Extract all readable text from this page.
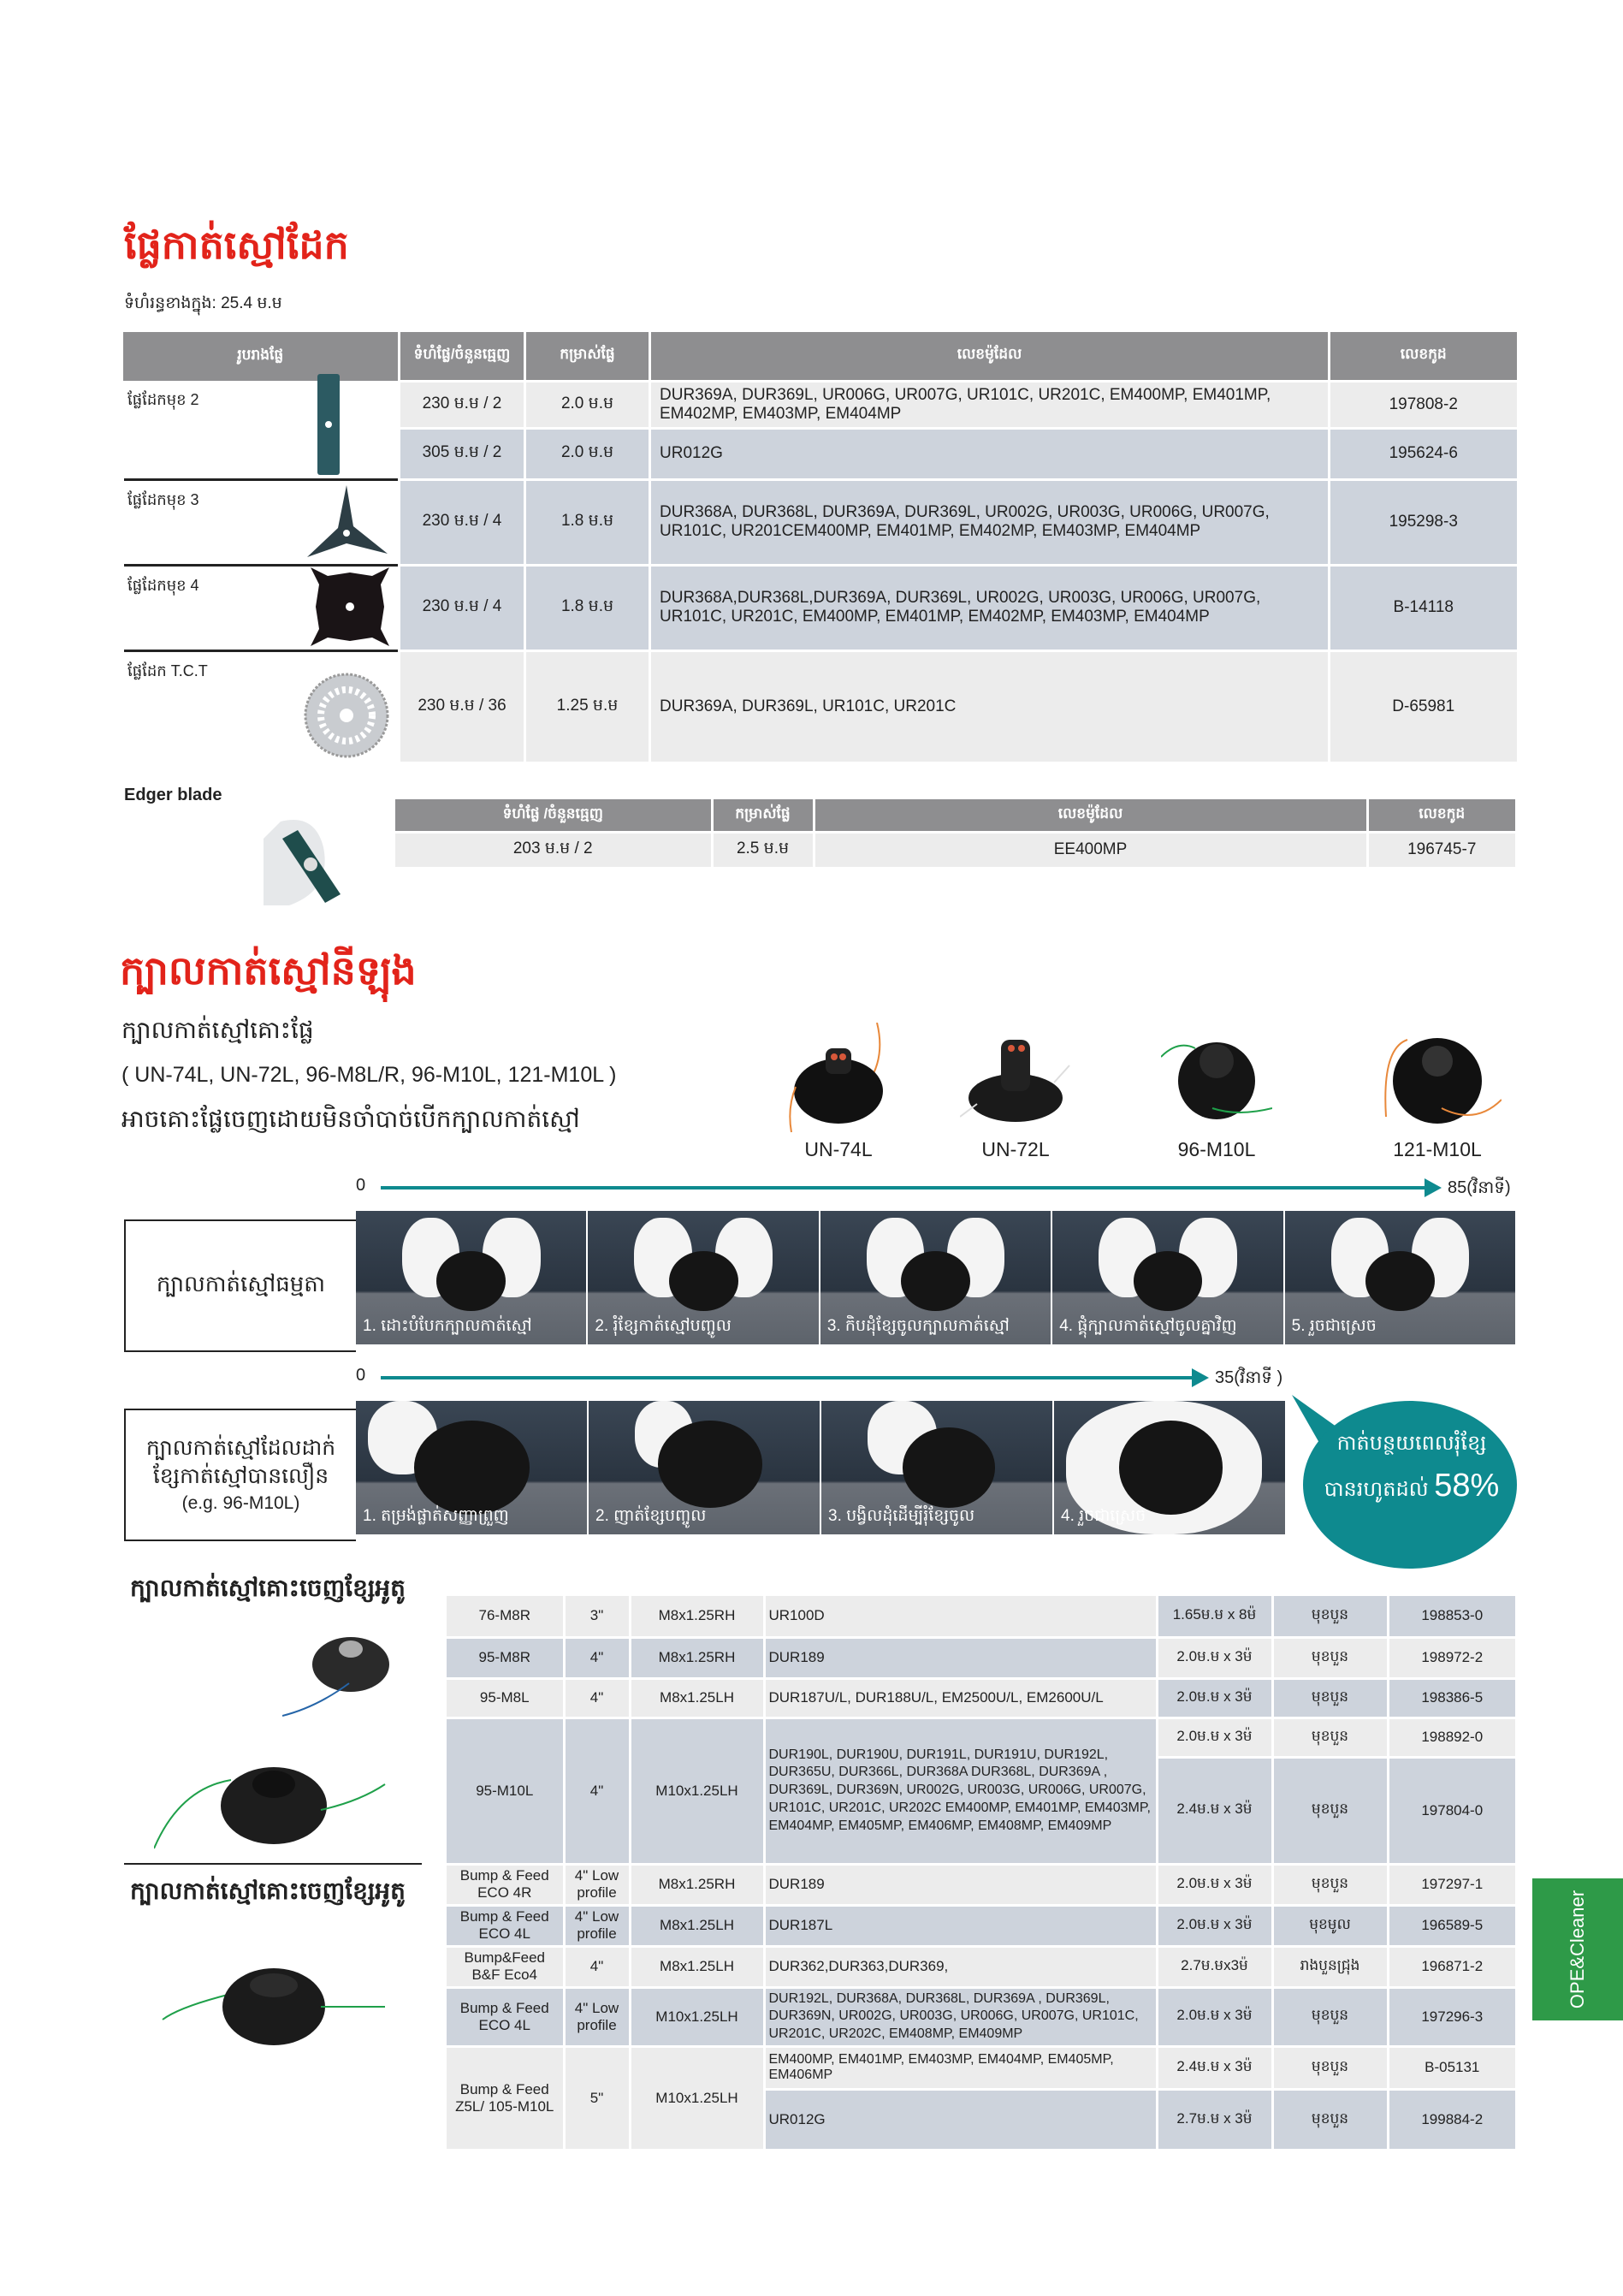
ផ្លែកាត់ស្មៅដែក
ទំហំរន្ធខាងក្នុង: 25.4 ម.ម
រូបរាងផ្លែ	ទំហំផ្លែ/ចំនួនធ្មេញ	កម្រាស់ផ្លែ	លេខម៉ូដែល	លេខកូដ
ផ្លែដែកមុខ 2	230 ម.ម / 2	2.0 ម.ម	DUR369A, DUR369L, UR006G, UR007G, UR101C, UR201C, EM400MP, EM401MP, EM402MP, EM403MP, EM404MP	197808-2
	305 ម.ម / 2	2.0 ម.ម	UR012G	195624-6
ផ្លែដែកមុខ 3	230 ម.ម / 4	1.8 ម.ម	DUR368A, DUR368L, DUR369A, DUR369L, UR002G, UR003G, UR006G, UR007G, UR101C, UR201CEM400MP, EM401MP, EM402MP, EM403MP, EM404MP	195298-3
ផ្លែដែកមុខ 4	230 ម.ម / 4	1.8 ម.ម	DUR368A,DUR368L,DUR369A, DUR369L, UR002G, UR003G, UR006G, UR007G, UR101C, UR201C, EM400MP, EM401MP, EM402MP, EM403MP, EM404MP	B-14118
ផ្លែដែក T.C.T	230 ម.ម / 36	1.25 ម.ម	DUR369A, DUR369L, UR101C, UR201C	D-65981
Edger blade
ទំហំផ្លែ /ចំនួនធ្មេញ	កម្រាស់ផ្លែ	លេខម៉ូដែល	លេខកូដ
203 ម.ម / 2	2.5 ម.ម	EE400MP	196745-7
ក្បាលកាត់ស្មៅនីឡុង
ក្បាលកាត់ស្មៅគោះផ្លែ
( UN-74L, UN-72L, 96-M8L/R, 96-M10L, 121-M10L )
អាចគោះផ្លែចេញដោយមិនចាំបាច់បើកក្បាលកាត់ស្មៅ
UN-74L	UN-72L	96-M10L	121-M10L
0	85(វិនាទី)
ក្បាលកាត់ស្មៅធម្មតា
1. ដោះបំបែកក្បាលកាត់ស្មៅ	2. រុំខ្សែកាត់ស្មៅបញ្ចូល	3. កិបដុំខ្សែចូលក្បាលកាត់ស្មៅ	4. ផ្គុំក្បាលកាត់ស្មៅចូលគ្នាវិញ	5. រួចជាស្រេច
0	35(វិនាទី )
ក្បាលកាត់ស្មៅដែលដាក់
ខ្សែកាត់ស្មៅបានលឿន
(e.g. 96-M10L)
1. តម្រង់ផ្លាត់សញ្ញាព្រួញ	2. ញាត់ខ្សែបញ្ចូល	3. បង្វិលដុំដើម្បីរុំខ្សែចូល	4. រួចជាស្រេច
កាត់បន្ថយពេលរុំខ្សែ
បានរហូតដល់ 58%
ក្បាលកាត់ស្មៅគោះចេញខ្សែអូតូ
ក្បាលកាត់ស្មៅគោះចេញខ្សែអូតូ
76-M8R	3"	M8x1.25RH	UR100D	1.65ម.ម x 8ម៉	មុខបួន	198853-0
95-M8R	4"	M8x1.25RH	DUR189	2.0ម.ម x 3ម៉	មុខបួន	198972-2
95-M8L	4"	M8x1.25LH	DUR187U/L, DUR188U/L, EM2500U/L, EM2600U/L	2.0ម.ម x 3ម៉	មុខបួន	198386-5
95-M10L	4"	M10x1.25LH	DUR190L, DUR190U, DUR191L, DUR191U, DUR192L, DUR365U, DUR366L, DUR368A DUR368L, DUR369A , DUR369L, DUR369N, UR002G, UR003G, UR006G, UR007G, UR101C, UR201C, UR202C EM400MP, EM401MP, EM403MP, EM404MP, EM405MP, EM406MP, EM408MP, EM409MP	2.0ម.ម x 3ម៉	មុខបួន	198892-0
				2.4ម.ម x 3ម៉	មុខបួន	197804-0
Bump & Feed ECO 4R	4" Low profile	M8x1.25RH	DUR189	2.0ម.ម x 3ម៉	មុខបួន	197297-1
Bump & Feed ECO 4L	4" Low profile	M8x1.25LH	DUR187L	2.0ម.ម x 3ម៉	មុខមូល	196589-5
Bump&Feed B&F Eco4	4"	M8x1.25LH	DUR362,DUR363,DUR369,	2.7ម.មx3ម៉	រាងបួនជ្រុង	196871-2
Bump & Feed ECO 4L	4" Low profile	M10x1.25LH	DUR192L, DUR368A, DUR368L, DUR369A , DUR369L, DUR369N, UR002G, UR003G, UR006G, UR007G, UR101C, UR201C, UR202C, EM408MP, EM409MP	2.0ម.ម x 3ម៉	មុខបួន	197296-3
Bump & Feed Z5L/ 105-M10L	5"	M10x1.25LH	EM400MP, EM401MP, EM403MP, EM404MP, EM405MP, EM406MP	2.4ម.ម x 3ម៉	មុខបួន	B-05131
			UR012G	2.7ម.ម x 3ម៉	មុខបួន	199884-2
OPE&Cleaner
